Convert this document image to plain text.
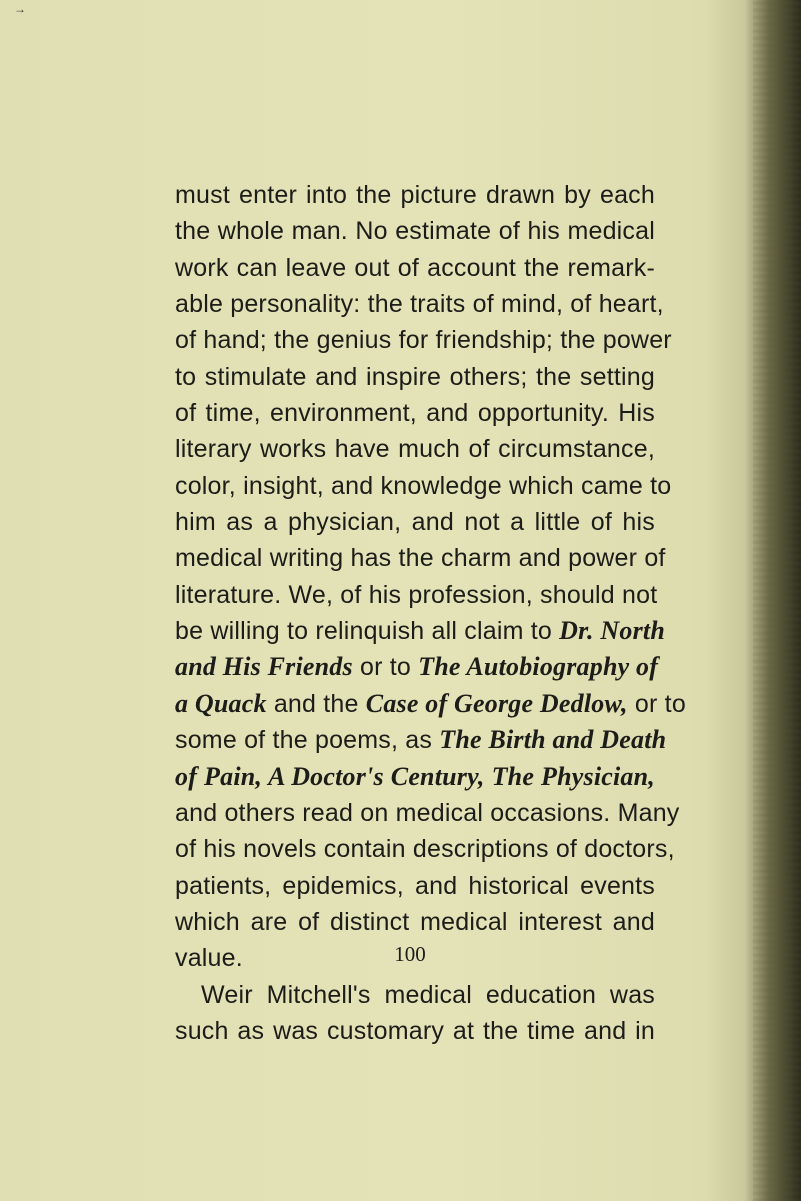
→
must enter into the picture drawn by each
the whole man. No estimate of his medical
work can leave out of account the remark-
able personality: the traits of mind, of heart,
of hand; the genius for friendship; the power
to stimulate and inspire others; the setting
of time, environment, and opportunity. His
literary works have much of circumstance,
color, insight, and knowledge which came to
him as a physician, and not a little of his
medical writing has the charm and power of
literature. We, of his profession, should not
be willing to relinquish all claim to Dr. North
and His Friends or to The Autobiography of
a Quack and the Case of George Dedlow, or to
some of the poems, as The Birth and Death
of Pain, A Doctor's Century, The Physician,
and others read on medical occasions. Many
of his novels contain descriptions of doctors,
patients, epidemics, and historical events
which are of distinct medical interest and
value.
Weir Mitchell's medical education was
such as was customary at the time and in
100
